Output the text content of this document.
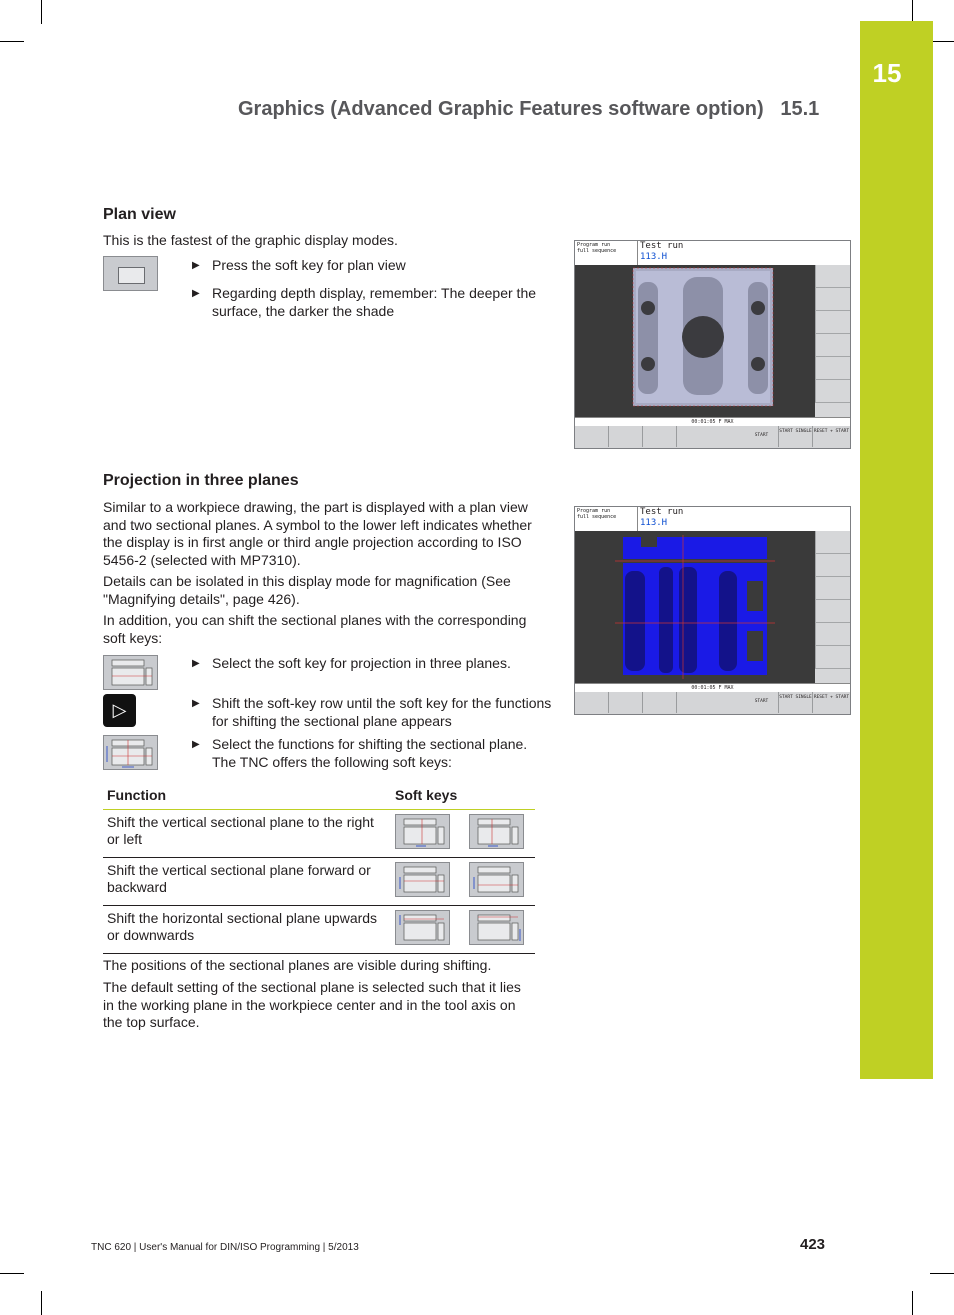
15
Graphics (Advanced Graphic Features software option) 15.1
Plan view
This is the fastest of the graphic display modes.
▶ Press the soft key for plan view
▶ Regarding depth display, remember: The deeper the surface, the darker the shade
Program run
full sequence	Test run
113.H
00:01:05 F MAX
START
START SINGLE RESET + START
Projection in three planes
Similar to a workpiece drawing, the part is displayed with a plan view and two sectional planes. A symbol to the lower left indicates whether the display is in first angle or third angle projection according to ISO 5456-2 (selected with MP7310).
Details can be isolated in this display mode for magnification (See "Magnifying details", page 426).
In addition, you can shift the sectional planes with the corresponding soft keys:
▶ Select the soft key for projection in three planes.
▷	▶ Shift the soft-key row until the soft key for the functions for shifting the sectional plane appears
▶ Select the functions for shifting the sectional plane. The TNC offers the following soft keys:
Program run
full sequence	Test run
113.H
00:01:05 F MAX
START
START SINGLE RESET + START
Function	Soft keys
Shift the vertical sectional plane to the right or left	
Shift the vertical sectional plane forward or backward	
Shift the horizontal sectional plane upwards or downwards	
The positions of the sectional planes are visible during shifting.
The default setting of the sectional plane is selected such that it lies in the working plane in the workpiece center and in the tool axis on the top surface.
TNC 620 | User's Manual for DIN/ISO Programming | 5/2013	423
